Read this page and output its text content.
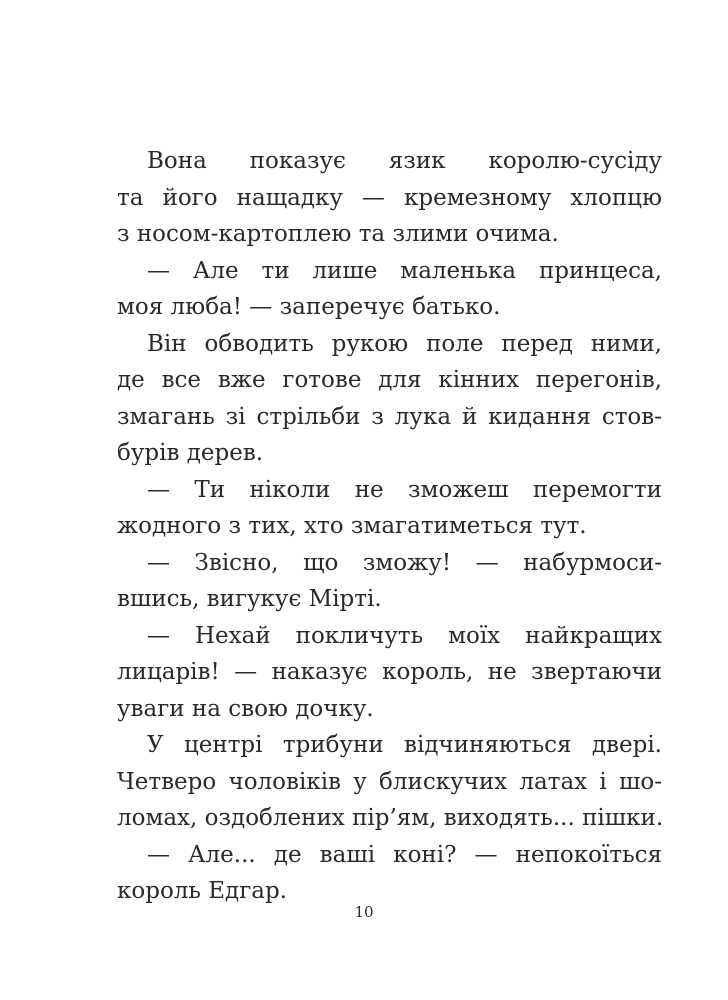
Вона показує язик королю-сусіду
та його нащадку — кремезному хлопцю
з носом-картоплею та злими очима.
— Але ти лише маленька принцеса,
моя люба! — заперечує батько.
Він обводить рукою поле перед ними,
де все вже готове для кінних перегонів,
змагань зі стрільби з лука й кидання стов-
бурів дерев.
— Ти ніколи не зможеш перемогти
жодного з тих, хто змагатиметься тут.
— Звісно, що зможу! — набурмоси-
вшись, вигукує Мірті.
— Нехай покличуть моїх найкращих
лицарів! — наказує король, не звертаючи
уваги на свою дочку.
У центрі трибуни відчиняються двері.
Четверо чоловіків у блискучих латах і шо-
ломах, оздоблених пір’ям, виходять... пішки.
— Але... де ваші коні? — непокоїться
король Едгар.
10
